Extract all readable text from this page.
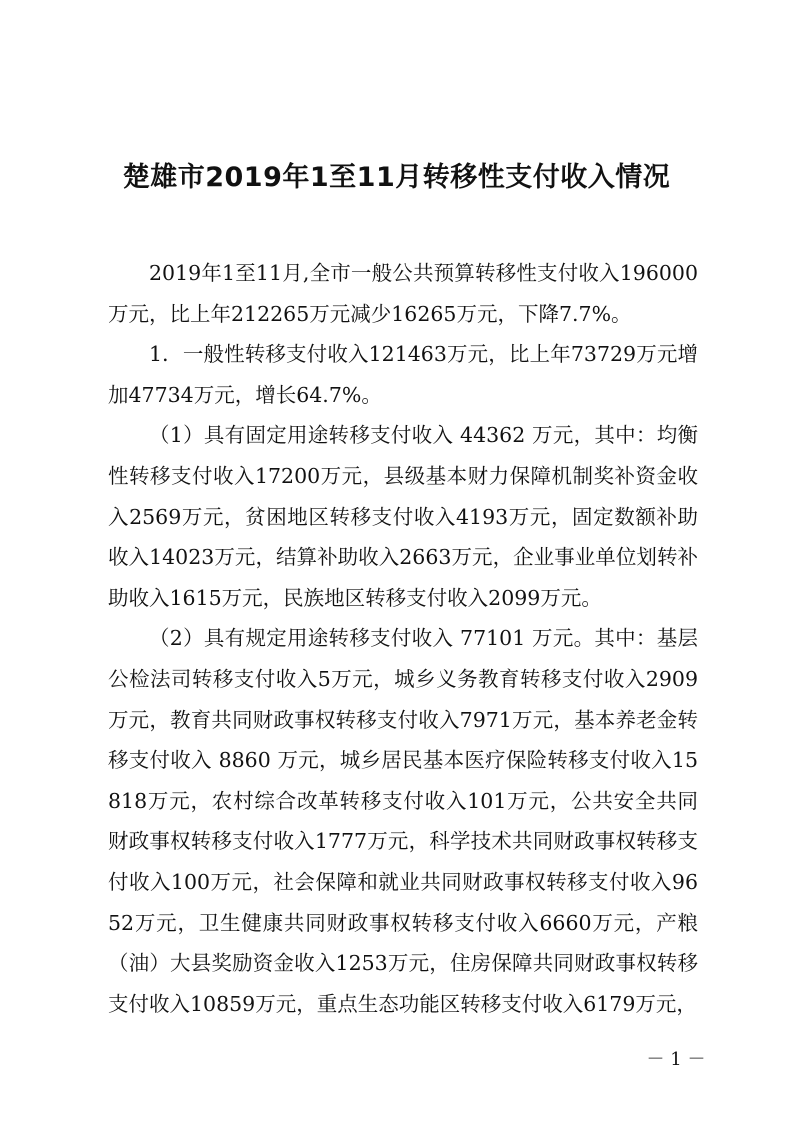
楚雄市2019年1至11月转移性支付收入情况

2019年1至11月,全市一般公共预算转移性支付收入196000万元，比上年212265万元减少16265万元，下降7.7%。

1．一般性转移支付收入121463万元，比上年73729万元增加47734万元，增长64.7%。

（1）具有固定用途转移支付收入 44362 万元，其中：均衡性转移支付收入17200万元，县级基本财力保障机制奖补资金收入2569万元，贫困地区转移支付收入4193万元，固定数额补助收入14023万元，结算补助收入2663万元，企业事业单位划转补助收入1615万元，民族地区转移支付收入2099万元。

（2）具有规定用途转移支付收入 77101 万元。其中：基层公检法司转移支付收入5万元，城乡义务教育转移支付收入2909万元，教育共同财政事权转移支付收入7971万元，基本养老金转移支付收入 8860 万元，城乡居民基本医疗保险转移支付收入15818万元，农村综合改革转移支付收入101万元，公共安全共同财政事权转移支付收入1777万元，科学技术共同财政事权转移支付收入100万元，社会保障和就业共同财政事权转移支付收入9652万元，卫生健康共同财政事权转移支付收入6660万元，产粮（油）大县奖励资金收入1253万元，住房保障共同财政事权转移支付收入10859万元，重点生态功能区转移支付收入6179万元，

－ 1 －
